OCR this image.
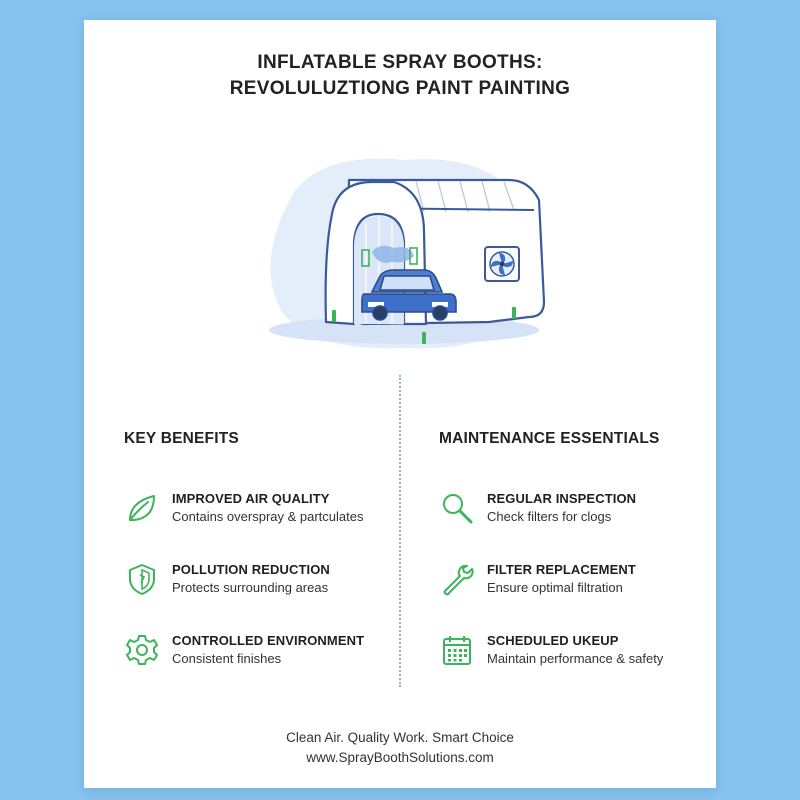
INFLATABLE SPRAY BOOTHS:
REVOLULUZTIONG PAINT PAINTING
KEY BENEFITS	MAINTENANCE ESSENTIALS
IMPROVED AIR QUALITY
Contains overspray & partculates
POLLUTION REDUCTION
Protects surrounding areas
CONTROLLED ENVIRONMENT
Consistent finishes
REGULAR INSPECTION
Check filters for clogs
FILTER REPLACEMENT
Ensure optimal filtration
SCHEDULED UKEUP
Maintain performance & safety
Clean Air. Quality Work. Smart Choice
www.SprayBoothSolutions.com
